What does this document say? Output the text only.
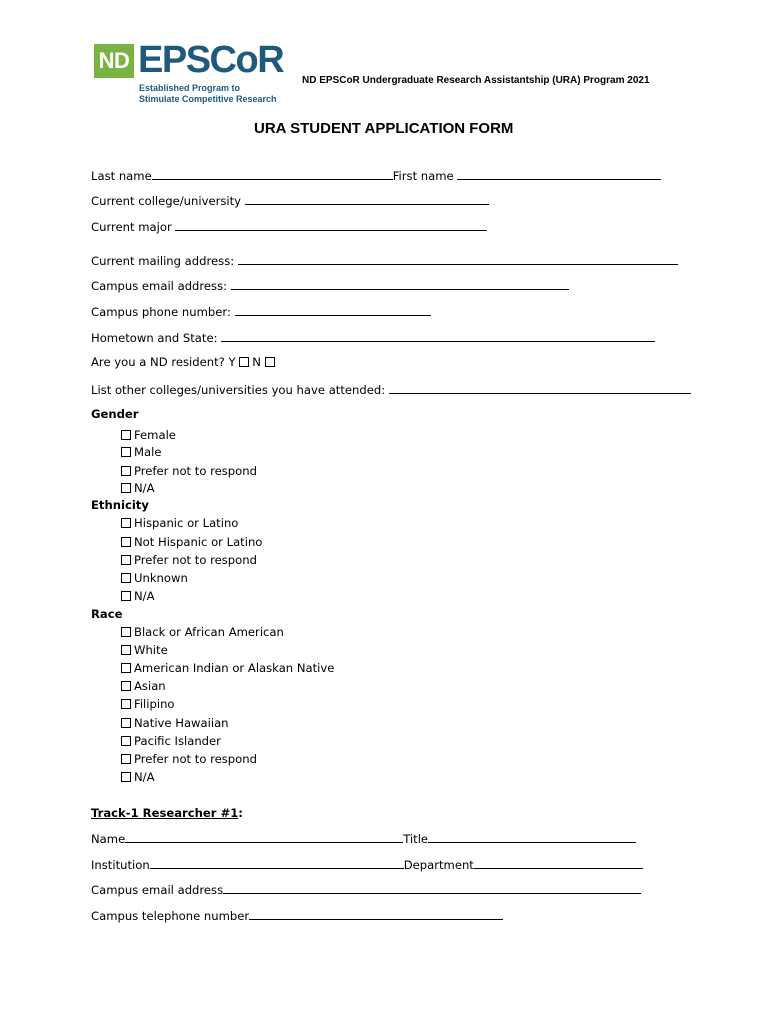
ND EPSCoR
Established Program to
Stimulate Competitive Research
ND EPSCoR Undergraduate Research Assistantship (URA) Program 2021
URA STUDENT APPLICATION FORM
Last name	First name
Current college/university
Current major
Current mailing address:
Campus email address:
Campus phone number:
Hometown and State:
Are you a ND resident? Y N
List other colleges/universities you have attended:
Gender
Female
Male
Prefer not to respond
N/A
Ethnicity
Hispanic or Latino
Not Hispanic or Latino
Prefer not to respond
Unknown
N/A
Race
Black or African American
White
American Indian or Alaskan Native
Asian
Filipino
Native Hawaiian
Pacific Islander
Prefer not to respond
N/A
Track-1 Researcher #1:
Name	Title
Institution	Department
Campus email address
Campus telephone number
